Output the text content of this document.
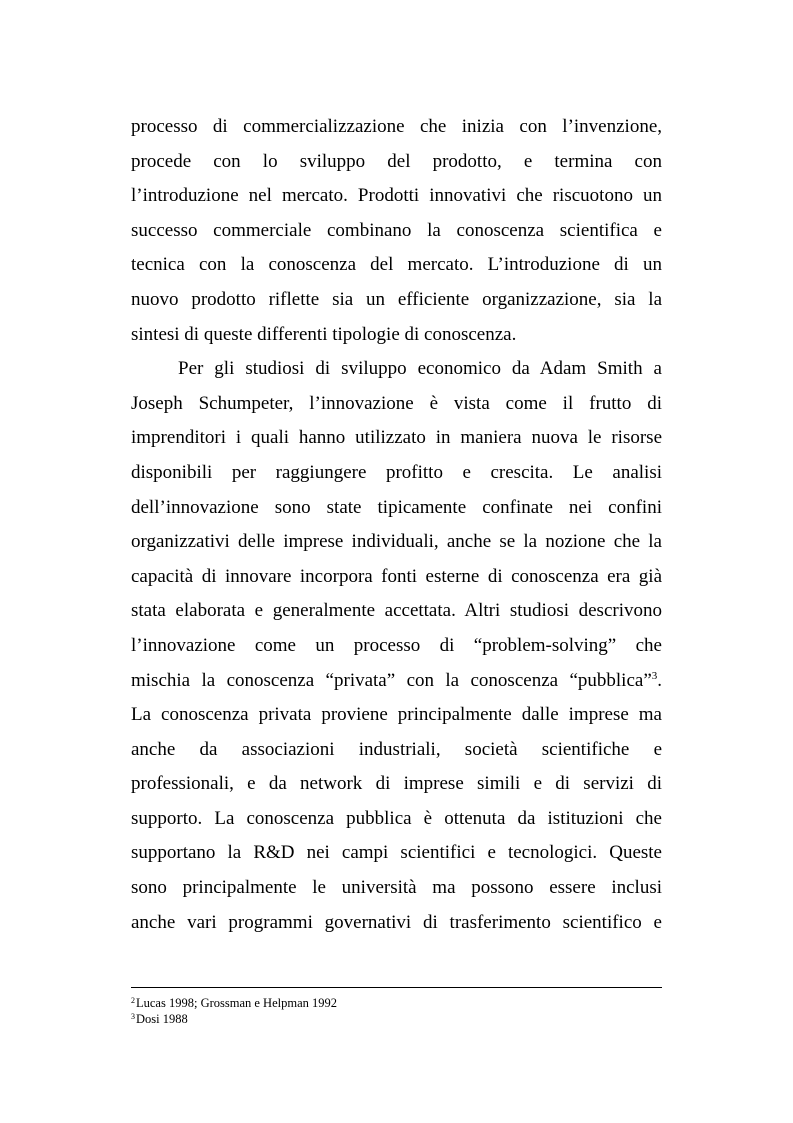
processo di commercializzazione che inizia con l’invenzione,
procede con lo sviluppo del prodotto, e termina con
l’introduzione nel mercato. Prodotti innovativi che riscuotono un
successo commerciale combinano la conoscenza scientifica e
tecnica con la conoscenza del mercato. L’introduzione di un
nuovo prodotto riflette sia un efficiente organizzazione, sia la
sintesi di queste differenti tipologie di conoscenza.
Per gli studiosi di sviluppo economico da Adam Smith a
Joseph Schumpeter, l’innovazione è vista come il frutto di
imprenditori i quali hanno utilizzato in maniera nuova le risorse
disponibili per raggiungere profitto e crescita. Le analisi
dell’innovazione sono state tipicamente confinate nei confini
organizzativi delle imprese individuali, anche se la nozione che la
capacità di innovare incorpora fonti esterne di conoscenza era già
stata elaborata e generalmente accettata. Altri studiosi descrivono
l’innovazione come un processo di “problem-solving” che
mischia la conoscenza “privata” con la conoscenza “pubblica”$^3$.
La conoscenza privata proviene principalmente dalle imprese ma
anche da associazioni industriali, società scientifiche e
professionali, e da network di imprese simili e di servizi di
supporto. La conoscenza pubblica è ottenuta da istituzioni che
supportano la R&D nei campi scientifici e tecnologici. Queste
sono principalmente le università ma possono essere inclusi
anche vari programmi governativi di trasferimento scientifico e
$^2$Lucas 1998; Grossman e Helpman 1992
$^3$Dosi 1988
